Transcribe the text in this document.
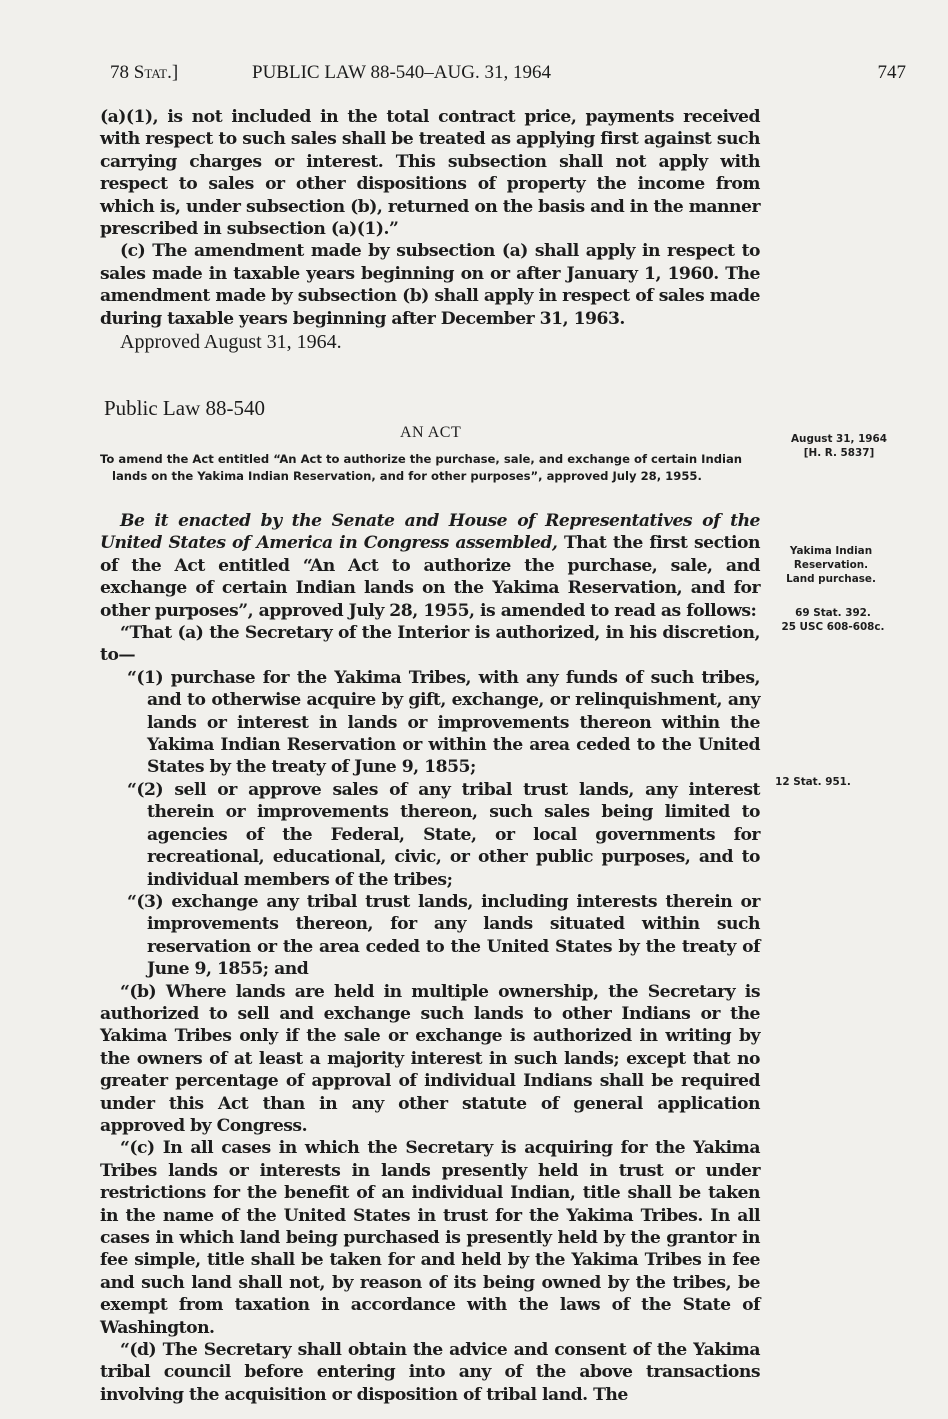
78 Stat.]	PUBLIC LAW 88-540–AUG. 31, 1964	747

(a)(1), is not included in the total contract price, payments received with respect to such sales shall be treated as applying first against such carrying charges or interest. This subsection shall not apply with respect to sales or other dispositions of property the income from which is, under subsection (b), returned on the basis and in the manner prescribed in subsection (a)(1).”

(c) The amendment made by subsection (a) shall apply in respect to sales made in taxable years beginning on or after January 1, 1960. The amendment made by subsection (b) shall apply in respect of sales made during taxable years beginning after December 31, 1963.

Approved August 31, 1964.

Public Law 88-540
AN ACT

To amend the Act entitled “An Act to authorize the purchase, sale, and exchange of certain Indian lands on the Yakima Indian Reservation, and for other purposes”, approved July 28, 1955.

Be it enacted by the Senate and House of Representatives of the United States of America in Congress assembled, That the first section of the Act entitled “An Act to authorize the purchase, sale, and exchange of certain Indian lands on the Yakima Reservation, and for other purposes”, approved July 28, 1955, is amended to read as follows:

“That (a) the Secretary of the Interior is authorized, in his discretion, to—

“(1) purchase for the Yakima Tribes, with any funds of such tribes, and to otherwise acquire by gift, exchange, or relinquishment, any lands or interest in lands or improvements thereon within the Yakima Indian Reservation or within the area ceded to the United States by the treaty of June 9, 1855;

“(2) sell or approve sales of any tribal trust lands, any interest therein or improvements thereon, such sales being limited to agencies of the Federal, State, or local governments for recreational, educational, civic, or other public purposes, and to individual members of the tribes;

“(3) exchange any tribal trust lands, including interests therein or improvements thereon, for any lands situated within such reservation or the area ceded to the United States by the treaty of June 9, 1855; and

“(b) Where lands are held in multiple ownership, the Secretary is authorized to sell and exchange such lands to other Indians or the Yakima Tribes only if the sale or exchange is authorized in writing by the owners of at least a majority interest in such lands; except that no greater percentage of approval of individual Indians shall be required under this Act than in any other statute of general application approved by Congress.

“(c) In all cases in which the Secretary is acquiring for the Yakima Tribes lands or interests in lands presently held in trust or under restrictions for the benefit of an individual Indian, title shall be taken in the name of the United States in trust for the Yakima Tribes. In all cases in which land being purchased is presently held by the grantor in fee simple, title shall be taken for and held by the Yakima Tribes in fee and such land shall not, by reason of its being owned by the tribes, be exempt from taxation in accordance with the laws of the State of Washington.

“(d) The Secretary shall obtain the advice and consent of the Yakima tribal council before entering into any of the above transactions involving the acquisition or disposition of tribal land. The

August 31, 1964
[H. R. 5837]
Yakima Indian
Reservation.
Land purchase.
69 Stat. 392.
25 USC 608-608c.
12 Stat. 951.
